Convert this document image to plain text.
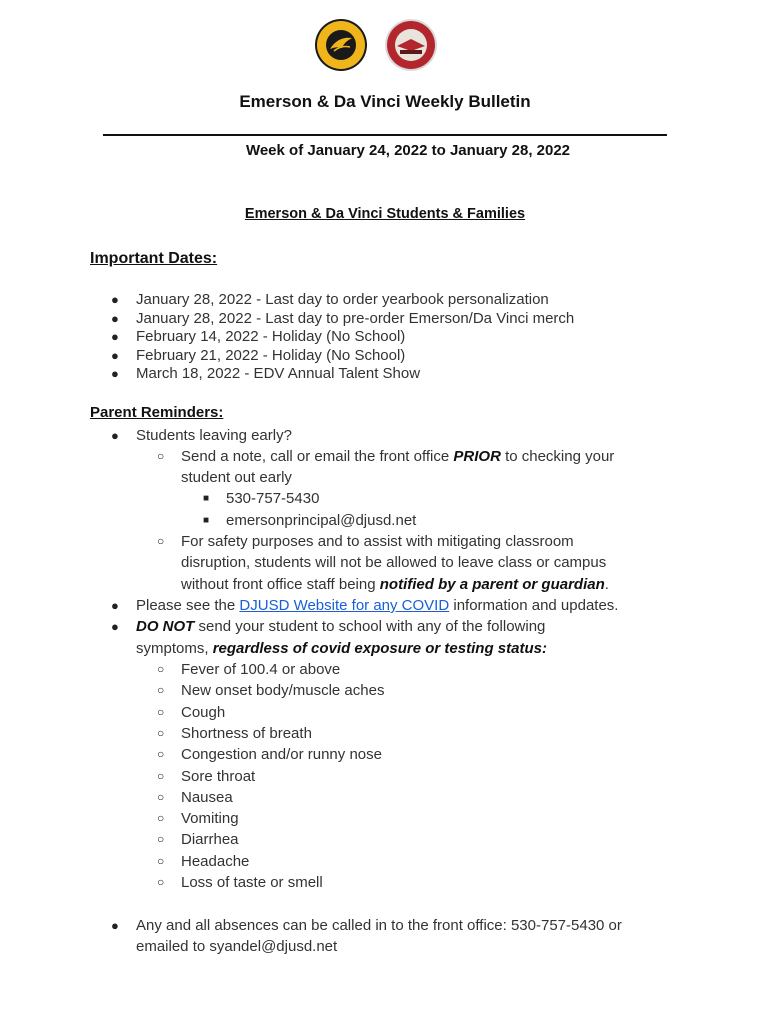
Emerson & Da Vinci Weekly Bulletin
Week of January 24, 2022 to January 28, 2022
Emerson & Da Vinci Students & Families
Important Dates:
● January 28, 2022 - Last day to order yearbook personalization
● January 28, 2022 - Last day to pre-order Emerson/Da Vinci merch
● February 14, 2022 - Holiday (No School)
● February 21, 2022 - Holiday (No School)
● March 18, 2022 - EDV Annual Talent Show
Parent Reminders:
● Students leaving early?
○ Send a note, call or email the front office PRIOR to checking your
student out early
■ 530-757-5430
■ emersonprincipal@djusd.net
○ For safety purposes and to assist with mitigating classroom
disruption, students will not be allowed to leave class or campus
without front office staff being notified by a parent or guardian.
● Please see the DJUSD Website for any COVID information and updates.
● DO NOT send your student to school with any of the following
symptoms, regardless of covid exposure or testing status:
○ Fever of 100.4 or above
○ New onset body/muscle aches
○ Cough
○ Shortness of breath
○ Congestion and/or runny nose
○ Sore throat
○ Nausea
○ Vomiting
○ Diarrhea
○ Headache
○ Loss of taste or smell
● Any and all absences can be called in to the front office: 530-757-5430 or
emailed to syandel@djusd.net
